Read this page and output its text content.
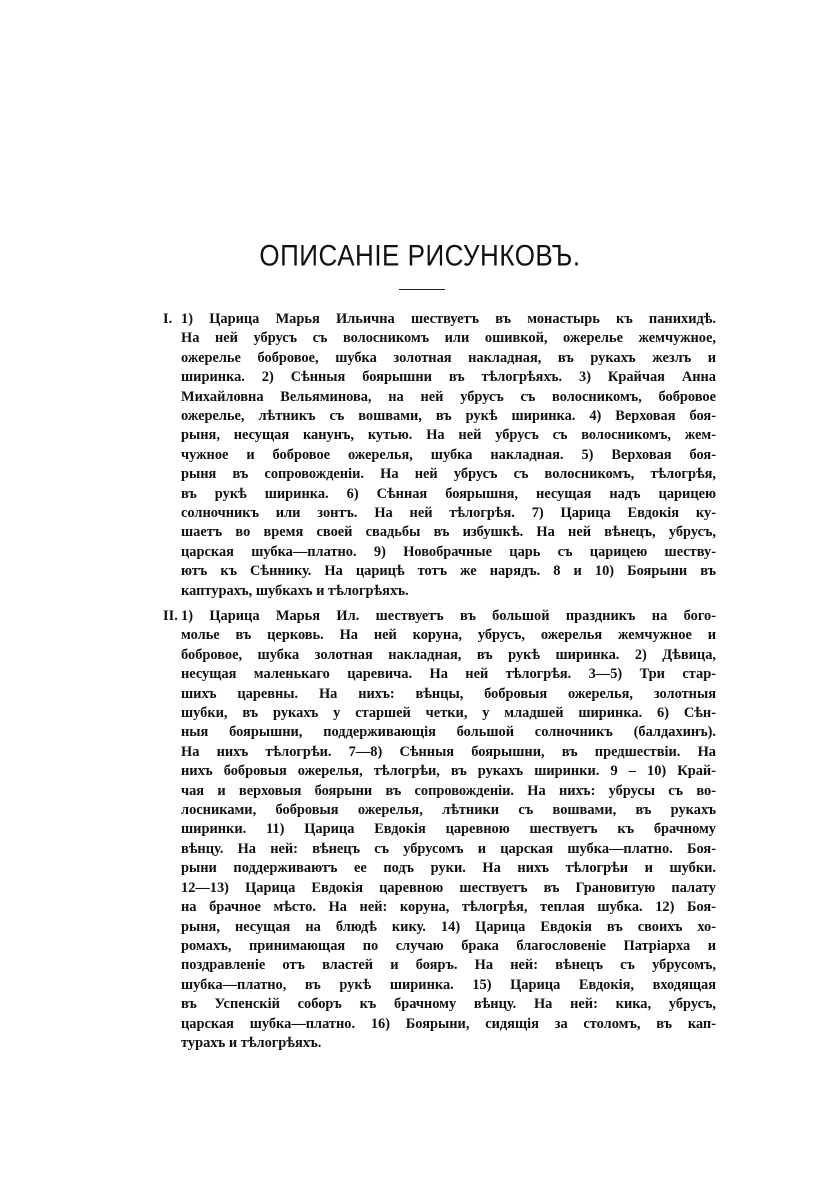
ОПИСАНІЕ РИСУНКОВЪ.
I. 1) Царица Марья Ильична шествуетъ въ монастырь къ панихидѣ.
На ней убрусъ съ волосникомъ или ошивкой, ожерелье жемчужное,
ожерелье бобровое, шубка золотная накладная, въ рукахъ жезлъ и
ширинка. 2) Сѣнныя боярышни въ тѣлогрѣяхъ. 3) Крайчая Анна
Михайловна Вельяминова, на ней убрусъ съ волосникомъ, бобровое
ожерелье, лѣтникъ съ вошвами, въ рукѣ ширинка. 4) Верховая боя-
рыня, несущая канунъ, кутью. На ней убрусъ съ волосникомъ, жем-
чужное и бобровое ожерелья, шубка накладная. 5) Верховая боя-
рыня въ сопровожденіи. На ней убрусъ съ волосникомъ, тѣлогрѣя,
въ рукѣ ширинка. 6) Сѣнная боярышня, несущая надъ царицею
солночникъ или зонтъ. На ней тѣлогрѣя. 7) Царица Евдокія ку-
шаетъ во время своей свадьбы въ избушкѣ. На ней вѣнецъ, убрусъ,
царская шубка—платно. 9) Новобрачные царь съ царицею шеству-
ютъ къ Сѣннику. На царицѣ тотъ же нарядъ. 8 и 10) Боярыни въ
каптурахъ, шубкахъ и тѣлогрѣяхъ.
II. 1) Царица Марья Ил. шествуетъ въ большой праздникъ на бого-
молье въ церковь. На ней коруна, убрусъ, ожерелья жемчужное и
бобровое, шубка золотная накладная, въ рукѣ ширинка. 2) Дѣвица,
несущая маленькаго царевича. На ней тѣлогрѣя. 3—5) Три стар-
шихъ царевны. На нихъ: вѣнцы, бобровыя ожерелья, золотныя
шубки, въ рукахъ у старшей четки, у младшей ширинка. 6) Сѣн-
ныя боярышни, поддерживающія большой солночникъ (балдахинъ).
На нихъ тѣлогрѣи. 7—8) Сѣнныя боярышни, въ предшествіи. На
нихъ бобровыя ожерелья, тѣлогрѣи, въ рукахъ ширинки. 9 – 10) Край-
чая и верховыя боярыни въ сопровожденіи. На нихъ: убрусы съ во-
лосниками, бобровыя ожерелья, лѣтники съ вошвами, въ рукахъ
ширинки. 11) Царица Евдокія царевною шествуетъ къ брачному
вѣнцу. На ней: вѣнецъ съ убрусомъ и царская шубка—платно. Боя-
рыни поддерживаютъ ее подъ руки. На нихъ тѣлогрѣи и шубки.
12—13) Царица Евдокія царевною шествуетъ въ Грановитую палату
на брачное мѣсто. На ней: коруна, тѣлогрѣя, теплая шубка. 12) Боя-
рыня, несущая на блюдѣ кику. 14) Царица Евдокія въ своихъ хо-
ромахъ, принимающая по случаю брака благословеніе Патріарха и
поздравленіе отъ властей и бояръ. На ней: вѣнецъ съ убрусомъ,
шубка—платно, въ рукѣ ширинка. 15) Царица Евдокія, входящая
въ Успенскій соборъ къ брачному вѣнцу. На ней: кика, убрусъ,
царская шубка—платно. 16) Боярыни, сидящія за столомъ, въ кап-
турахъ и тѣлогрѣяхъ.
